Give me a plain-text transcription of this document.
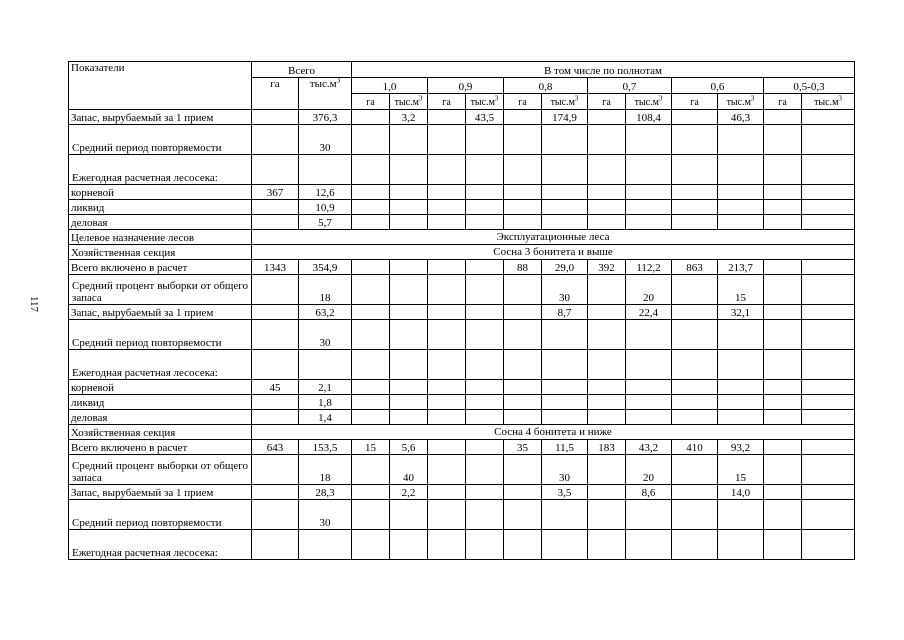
117
Показатели	Всего		В том числе по полнотам											
	га	$тыс.м^3$	1,0		0,9		0,8		0,7		0,6		0,5-0,3	
			га	$тыс.м^3$	га	$тыс.м^3$	га	$тыс.м^3$	га	$тыс.м^3$	га	$тыс.м^3$	га	$тыс.м^3$
Запас, вырубаемый за 1 прием		376,3		3,2		43,5		174,9		108,4		46,3		
Средний период повторяемости		30												
Ежегодная расчетная лесосека:														
корневой	367	12,6												
ликвид		10,9												
деловая		5,7												
Целевое назначение лесов	Эксплуатационные леса													
Хозяйственная секция	Сосна 3 бонитета и выше													
Всего включено в расчет	1343	354,9					88	29,0	392	112,2	863	213,7		
Средний процент выборки от общего запаса		18						30		20		15		
Запас, вырубаемый за 1 прием		63,2						8,7		22,4		32,1		
Средний период повторяемости		30												
Ежегодная расчетная лесосека:														
корневой	45	2,1												
ликвид		1,8												
деловая		1,4												
Хозяйственная секция	Сосна 4 бонитета и ниже													
Всего включено в расчет	643	153,5	15	5,6			35	11,5	183	43,2	410	93,2		
Средний процент выборки от общего запаса		18		40				30		20		15		
Запас, вырубаемый за 1 прием		28,3		2,2				3,5		8,6		14,0		
Средний период повторяемости		30												
Ежегодная расчетная лесосека:														
